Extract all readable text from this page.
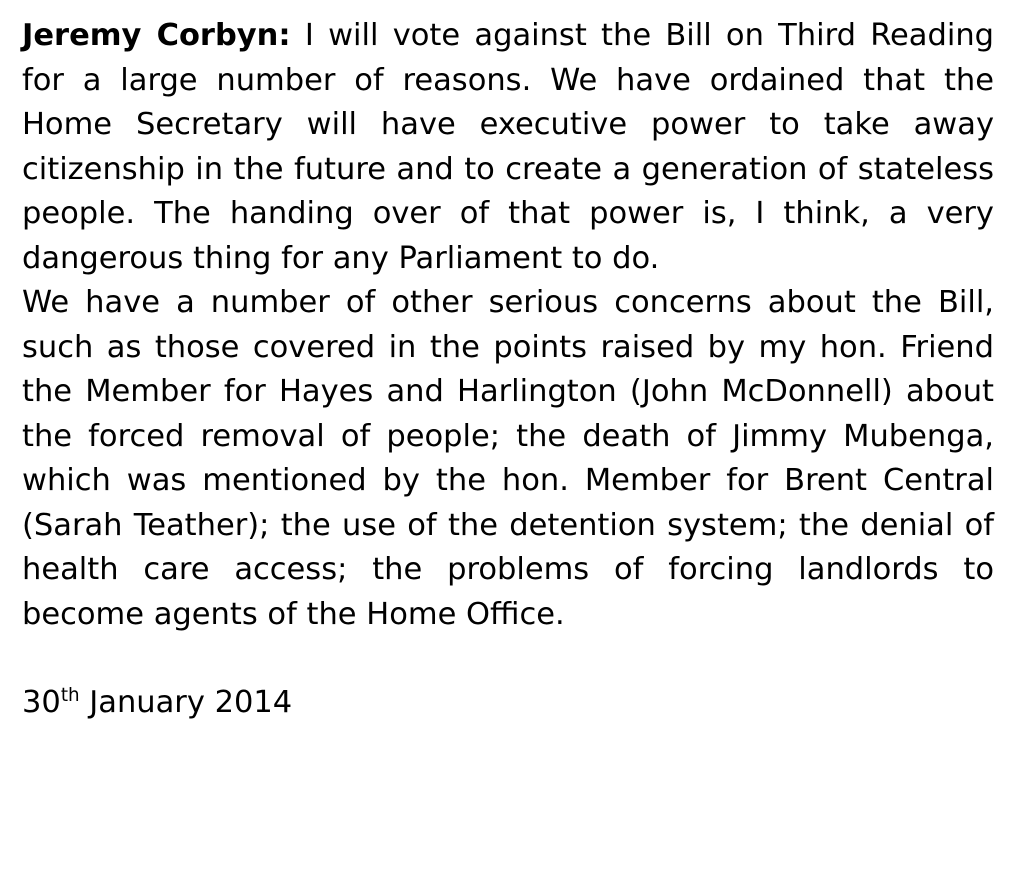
Jeremy Corbyn: I will vote against the Bill on Third Reading for a large number of reasons. We have ordained that the Home Secretary will have executive power to take away citizenship in the future and to create a generation of stateless people. The handing over of that power is, I think, a very dangerous thing for any Parliament to do.

We have a number of other serious concerns about the Bill, such as those covered in the points raised by my hon. Friend the Member for Hayes and Harlington (John McDonnell) about the forced removal of people; the death of Jimmy Mubenga, which was mentioned by the hon. Member for Brent Central (Sarah Teather); the use of the detention system; the denial of health care access; the problems of forcing landlords to become agents of the Home Office.

30th January 2014
